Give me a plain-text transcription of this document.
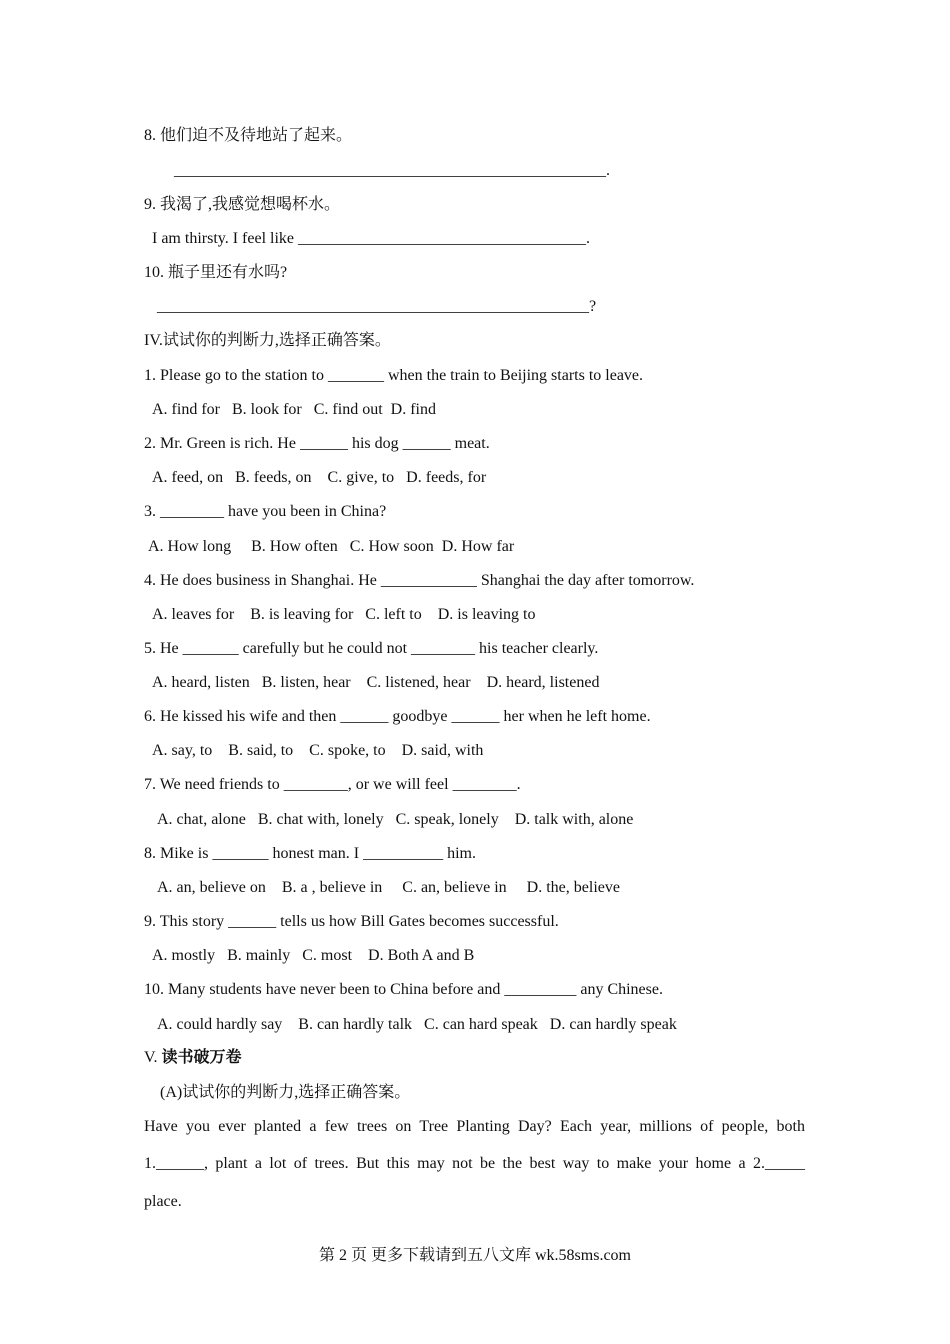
8. 他们迫不及待地站了起来。
______________________________________________________.
9. 我渴了,我感觉想喝杯水。
I am thirsty. I feel like ____________________________________.
10. 瓶子里还有水吗?
______________________________________________________?
IV.试试你的判断力,选择正确答案。
1. Please go to the station to _______ when the train to Beijing starts to leave.
A. find for   B. look for   C. find out  D. find
2. Mr. Green is rich. He ______ his dog ______ meat.
A. feed, on   B. feeds, on    C. give, to   D. feeds, for
3. ________ have you been in China?
A. How long     B. How often   C. How soon  D. How far
4. He does business in Shanghai. He ____________ Shanghai the day after tomorrow.
A. leaves for    B. is leaving for   C. left to    D. is leaving to
5. He _______ carefully but he could not ________ his teacher clearly.
A. heard, listen   B. listen, hear    C. listened, hear    D. heard, listened
6. He kissed his wife and then ______ goodbye ______ her when he left home.
A. say, to    B. said, to    C. spoke, to    D. said, with
7. We need friends to ________, or we will feel ________.
A. chat, alone   B. chat with, lonely   C. speak, lonely    D. talk with, alone
8. Mike is _______ honest man. I __________ him.
A. an, believe on    B. a , believe in     C. an, believe in     D. the, believe
9. This story ______ tells us how Bill Gates becomes successful.
A. mostly   B. mainly   C. most    D. Both A and B
10. Many students have never been to China before and _________ any Chinese.
A. could hardly say    B. can hardly talk   C. can hard speak   D. can hardly speak
V. 读书破万卷
(A)试试你的判断力,选择正确答案。
Have you ever planted a few trees on Tree Planting Day? Each year, millions of people, both
1.______, plant a lot of trees. But this may not be the best way to make your home a 2._____
place.
第 2 页 更多下载请到五八文库 wk.58sms.com
